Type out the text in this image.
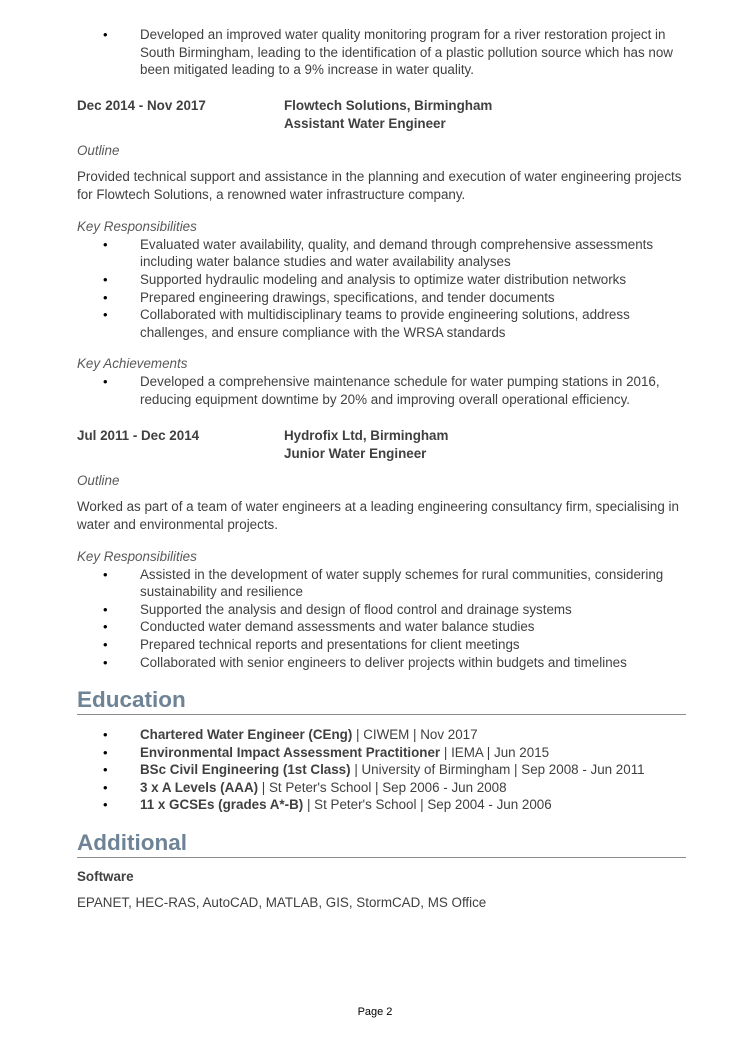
• Developed an improved water quality monitoring program for a river restoration project in South Birmingham, leading to the identification of a plastic pollution source which has now been mitigated leading to a 9% increase in water quality.
Dec 2014 - Nov 2017	Flowtech Solutions, Birmingham
Assistant Water Engineer
Outline
Provided technical support and assistance in the planning and execution of water engineering projects for Flowtech Solutions, a renowned water infrastructure company.
Key Responsibilities
• Evaluated water availability, quality, and demand through comprehensive assessments including water balance studies and water availability analyses
• Supported hydraulic modeling and analysis to optimize water distribution networks
• Prepared engineering drawings, specifications, and tender documents
• Collaborated with multidisciplinary teams to provide engineering solutions, address challenges, and ensure compliance with the WRSA standards
Key Achievements
• Developed a comprehensive maintenance schedule for water pumping stations in 2016, reducing equipment downtime by 20% and improving overall operational efficiency.
Jul 2011 - Dec 2014	Hydrofix Ltd, Birmingham
Junior Water Engineer
Outline
Worked as part of a team of water engineers at a leading engineering consultancy firm, specialising in water and environmental projects.
Key Responsibilities
• Assisted in the development of water supply schemes for rural communities, considering sustainability and resilience
• Supported the analysis and design of flood control and drainage systems
• Conducted water demand assessments and water balance studies
• Prepared technical reports and presentations for client meetings
• Collaborated with senior engineers to deliver projects within budgets and timelines
Education
• Chartered Water Engineer (CEng) | CIWEM | Nov 2017
• Environmental Impact Assessment Practitioner | IEMA | Jun 2015
• BSc Civil Engineering (1st Class) | University of Birmingham | Sep 2008 - Jun 2011
• 3 x A Levels (AAA) | St Peter's School | Sep 2006 - Jun 2008
• 11 x GCSEs (grades A*-B) | St Peter's School | Sep 2004 - Jun 2006
Additional
Software
EPANET, HEC-RAS, AutoCAD, MATLAB, GIS, StormCAD, MS Office
Page 2
